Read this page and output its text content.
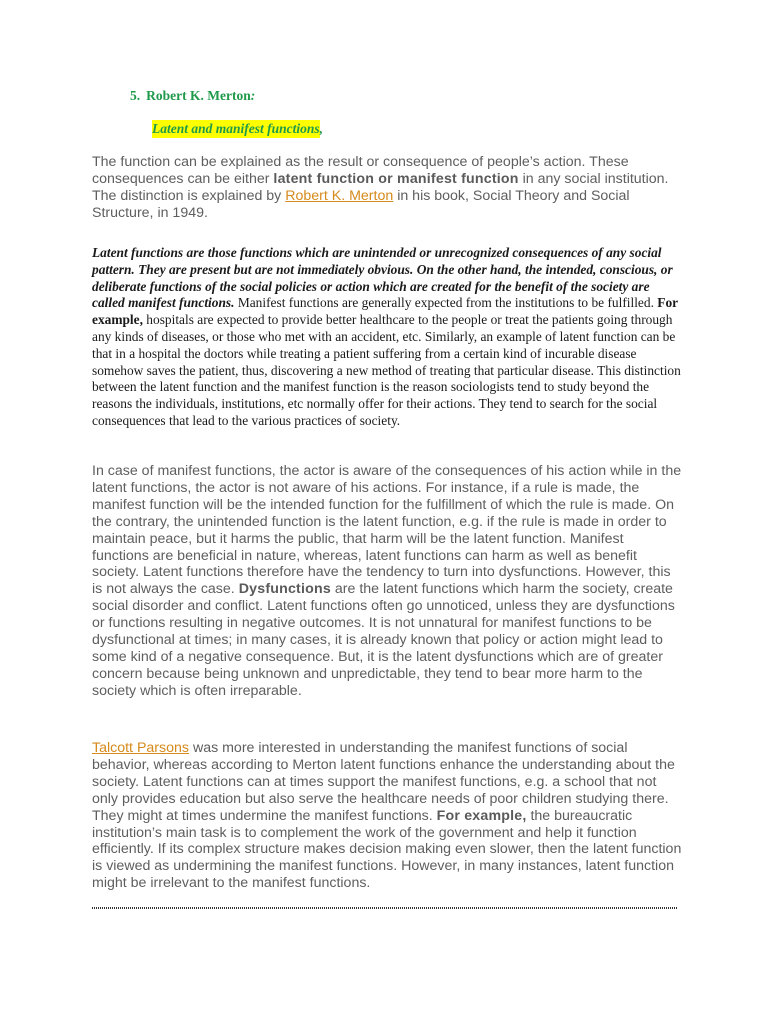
5. Robert K. Merton:
Latent and manifest functions,
The function can be explained as the result or consequence of people’s action. These consequences can be either latent function or manifest function in any social institution. The distinction is explained by Robert K. Merton in his book, Social Theory and Social Structure, in 1949.
Latent functions are those functions which are unintended or unrecognized consequences of any social pattern. They are present but are not immediately obvious. On the other hand, the intended, conscious, or deliberate functions of the social policies or action which are created for the benefit of the society are called manifest functions. Manifest functions are generally expected from the institutions to be fulfilled. For example, hospitals are expected to provide better healthcare to the people or treat the patients going through any kinds of diseases, or those who met with an accident, etc. Similarly, an example of latent function can be that in a hospital the doctors while treating a patient suffering from a certain kind of incurable disease somehow saves the patient, thus, discovering a new method of treating that particular disease. This distinction between the latent function and the manifest function is the reason sociologists tend to study beyond the reasons the individuals, institutions, etc normally offer for their actions. They tend to search for the social consequences that lead to the various practices of society.
In case of manifest functions, the actor is aware of the consequences of his action while in the latent functions, the actor is not aware of his actions. For instance, if a rule is made, the manifest function will be the intended function for the fulfillment of which the rule is made. On the contrary, the unintended function is the latent function, e.g. if the rule is made in order to maintain peace, but it harms the public, that harm will be the latent function. Manifest functions are beneficial in nature, whereas, latent functions can harm as well as benefit society. Latent functions therefore have the tendency to turn into dysfunctions. However, this is not always the case. Dysfunctions are the latent functions which harm the society, create social disorder and conflict. Latent functions often go unnoticed, unless they are dysfunctions or functions resulting in negative outcomes. It is not unnatural for manifest functions to be dysfunctional at times; in many cases, it is already known that policy or action might lead to some kind of a negative consequence. But, it is the latent dysfunctions which are of greater concern because being unknown and unpredictable, they tend to bear more harm to the society which is often irreparable.
Talcott Parsons was more interested in understanding the manifest functions of social behavior, whereas according to Merton latent functions enhance the understanding about the society. Latent functions can at times support the manifest functions, e.g. a school that not only provides education but also serve the healthcare needs of poor children studying there. They might at times undermine the manifest functions. For example, the bureaucratic institution’s main task is to complement the work of the government and help it function efficiently. If its complex structure makes decision making even slower, then the latent function is viewed as undermining the manifest functions. However, in many instances, latent function might be irrelevant to the manifest functions.
